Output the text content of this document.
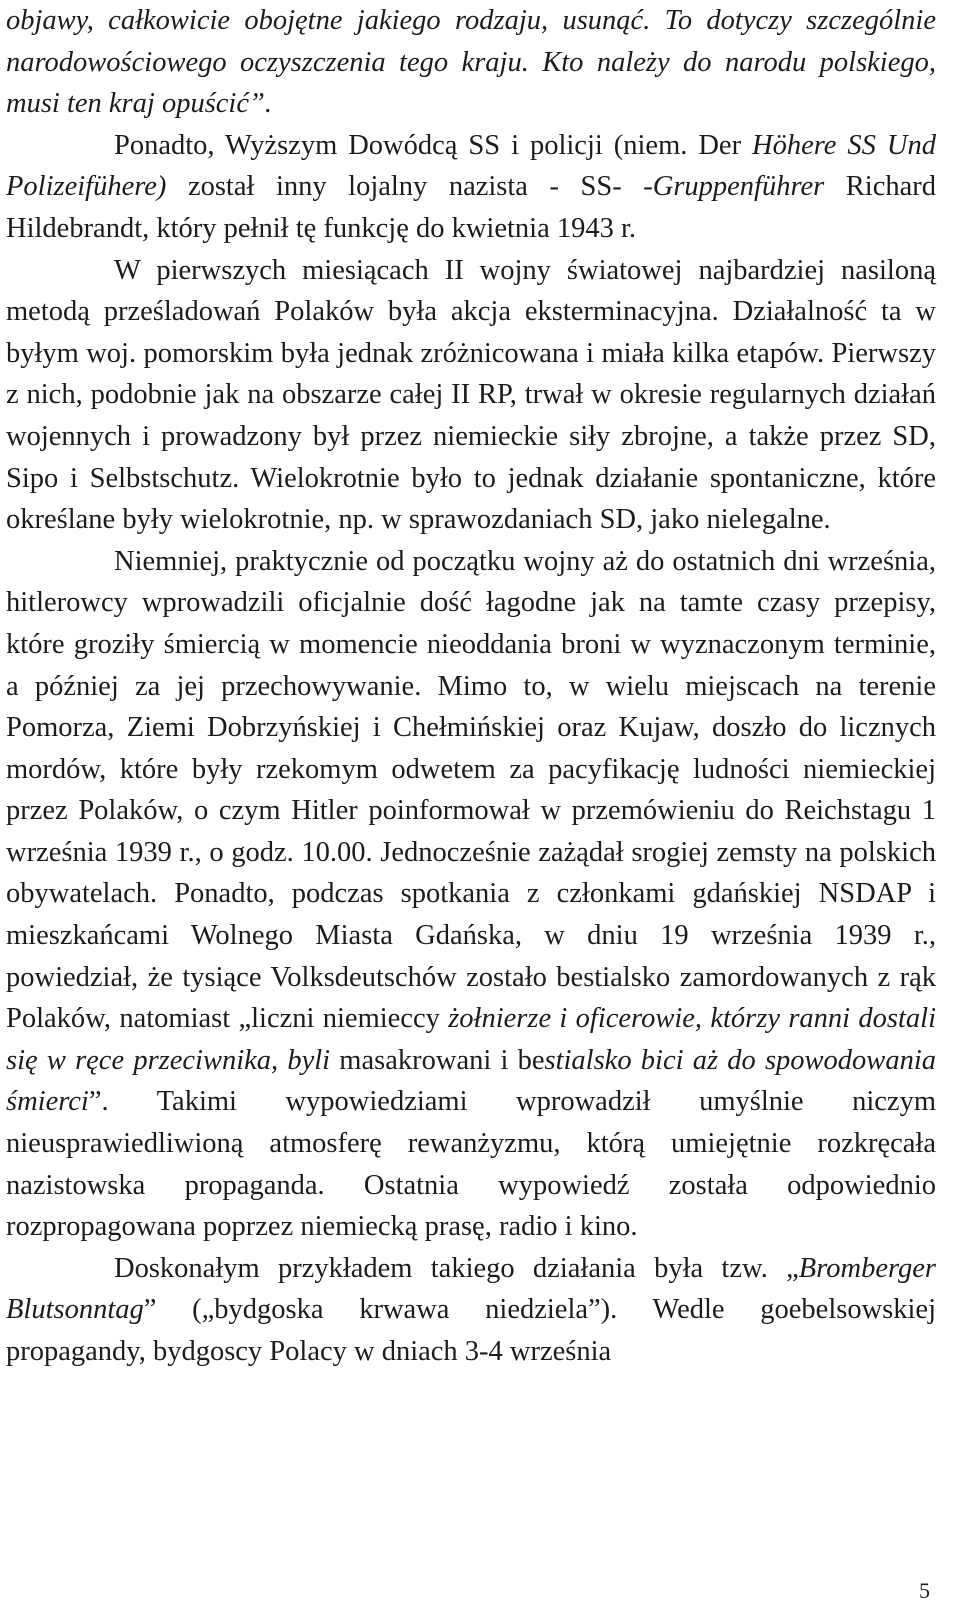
objawy, całkowicie obojętne jakiego rodzaju, usunąć. To dotyczy szczególnie narodowościowego oczyszczenia tego kraju. Kto należy do narodu polskiego, musi ten kraj opuścić”.

Ponadto, Wyższym Dowódcą SS i policji (niem. Der Höhere SS Und Polizeifühere) został inny lojalny nazista - SS- -Gruppenführer Richard Hildebrandt, który pełnił tę funkcję do kwietnia 1943 r.

W pierwszych miesiącach II wojny światowej najbardziej nasiloną metodą prześladowań Polaków była akcja eksterminacyjna. Działalność ta w byłym woj. pomorskim była jednak zróżnicowana i miała kilka etapów. Pierwszy z nich, podobnie jak na obszarze całej II RP, trwał w okresie regularnych działań wojennych i prowadzony był przez niemieckie siły zbrojne, a także przez SD, Sipo i Selbstschutz. Wielokrotnie było to jednak działanie spontaniczne, które określane były wielokrotnie, np. w sprawozdaniach SD, jako nielegalne.

Niemniej, praktycznie od początku wojny aż do ostatnich dni września, hitlerowcy wprowadzili oficjalnie dość łagodne jak na tamte czasy przepisy, które groziły śmiercią w momencie nieoddania broni w wyznaczonym terminie, a później za jej przechowywanie. Mimo to, w wielu miejscach na terenie Pomorza, Ziemi Dobrzyńskiej i Chełmińskiej oraz Kujaw, doszło do licznych mordów, które były rzekomym odwetem za pacyfikację ludności niemieckiej przez Polaków, o czym Hitler poinformował w przemówieniu do Reichstagu 1 września 1939 r., o godz. 10.00. Jednocześnie zażądał srogiej zemsty na polskich obywatelach. Ponadto, podczas spotkania z członkami gdańskiej NSDAP i mieszkańcami Wolnego Miasta Gdańska, w dniu 19 września 1939 r., powiedział, że tysiące Volksdeutschów zostało bestialsko zamordowanych z rąk Polaków, natomiast „liczni niemieccy żołnierze i oficerowie, którzy ranni dostali się w ręce przeciwnika, byli masakrowani i bestialsko bici aż do spowodowania śmierci”. Takimi wypowiedziami wprowadził umyślnie niczym nieusprawiedliwioną atmosferę rewanżyzmu, którą umiejętnie rozkręcała nazistowska propaganda. Ostatnia wypowiedź została odpowiednio rozpropagowana poprzez niemiecką prasę, radio i kino.

Doskonałym przykładem takiego działania była tzw. „Bromberger Blutsonntag” („bydgoska krwawa niedziela”). Wedle goebelsowskiej propagandy, bydgoscy Polacy w dniach 3-4 września

5
